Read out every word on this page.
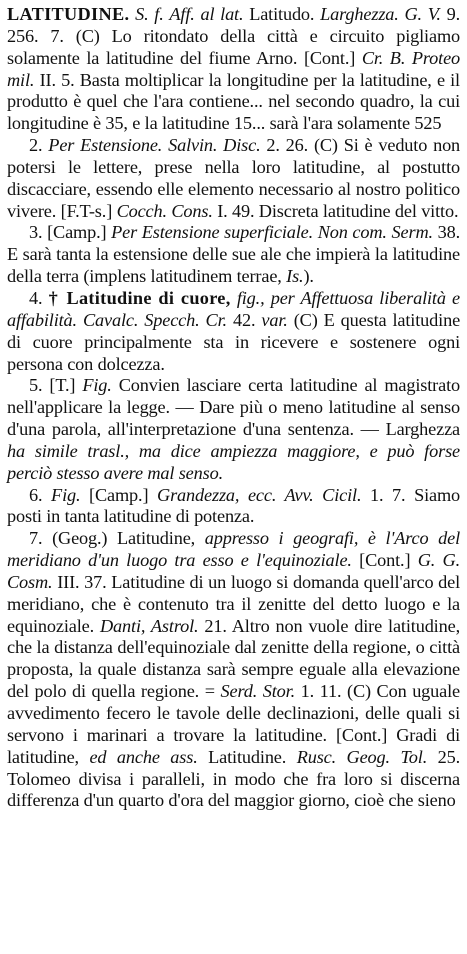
LATITUDINE. S. f. Aff. al lat. Latitudo. Larghezza. G. V. 9. 256. 7. (C) Lo ritondato della città e circuito pigliamo solamente la latitudine del fiume Arno. [Cont.] Cr. B. Proteo mil. II. 5. Basta moltiplicar la longitudine per la latitudine, e il produtto è quel che l'ara contiene... nel secondo quadro, la cui longitudine è 35, e la latitudine 15... sarà l'ara solamente 525

2. Per Estensione. Salvin. Disc. 2. 26. (C) Si è veduto non potersi le lettere, prese nella loro latitudine, al postutto discacciare, essendo elle elemento necessario al nostro politico vivere. [F.T-s.] Cocch. Cons. I. 49. Discreta latitudine del vitto.

3. [Camp.] Per Estensione superficiale. Non com. Serm. 38. E sarà tanta la estensione delle sue ale che impierà la latitudine della terra (implens latitudinem terrae, Is.).

4. † Latitudine di cuore, fig., per Affettuosa liberalità e affabilità. Cavalc. Specch. Cr. 42. var. (C) E questa latitudine di cuore principalmente sta in ricevere e sostenere ogni persona con dolcezza.

5. [T.] Fig. Convien lasciare certa latitudine al magistrato nell'applicare la legge. — Dare più o meno latitudine al senso d'una parola, all'interpretazione d'una sentenza. — Larghezza ha simile trasl., ma dice ampiezza maggiore, e può forse perciò stesso avere mal senso.

6. Fig. [Camp.] Grandezza, ecc. Avv. Cicil. 1. 7. Siamo posti in tanta latitudine di potenza.

7. (Geog.) Latitudine, appresso i geografi, è l'Arco del meridiano d'un luogo tra esso e l'equinoziale. [Cont.] G. G. Cosm. III. 37. Latitudine di un luogo si domanda quell'arco del meridiano, che è contenuto tra il zenitte del detto luogo e la equinoziale. Danti, Astrol. 21. Altro non vuole dire latitudine, che la distanza dell'equinoziale dal zenitte della regione, o città proposta, la quale distanza sarà sempre eguale alla elevazione del polo di quella regione. = Serd. Stor. 1. 11. (C) Con uguale avvedimento fecero le tavole delle declinazioni, delle quali si servono i marinari a trovare la latitudine. [Cont.] Gradi di latitudine, ed anche ass. Latitudine. Rusc. Geog. Tol. 25. Tolomeo divisa i paralleli, in modo che fra loro si discerna differenza d'un quarto d'ora del maggior giorno, cioè che sieno
